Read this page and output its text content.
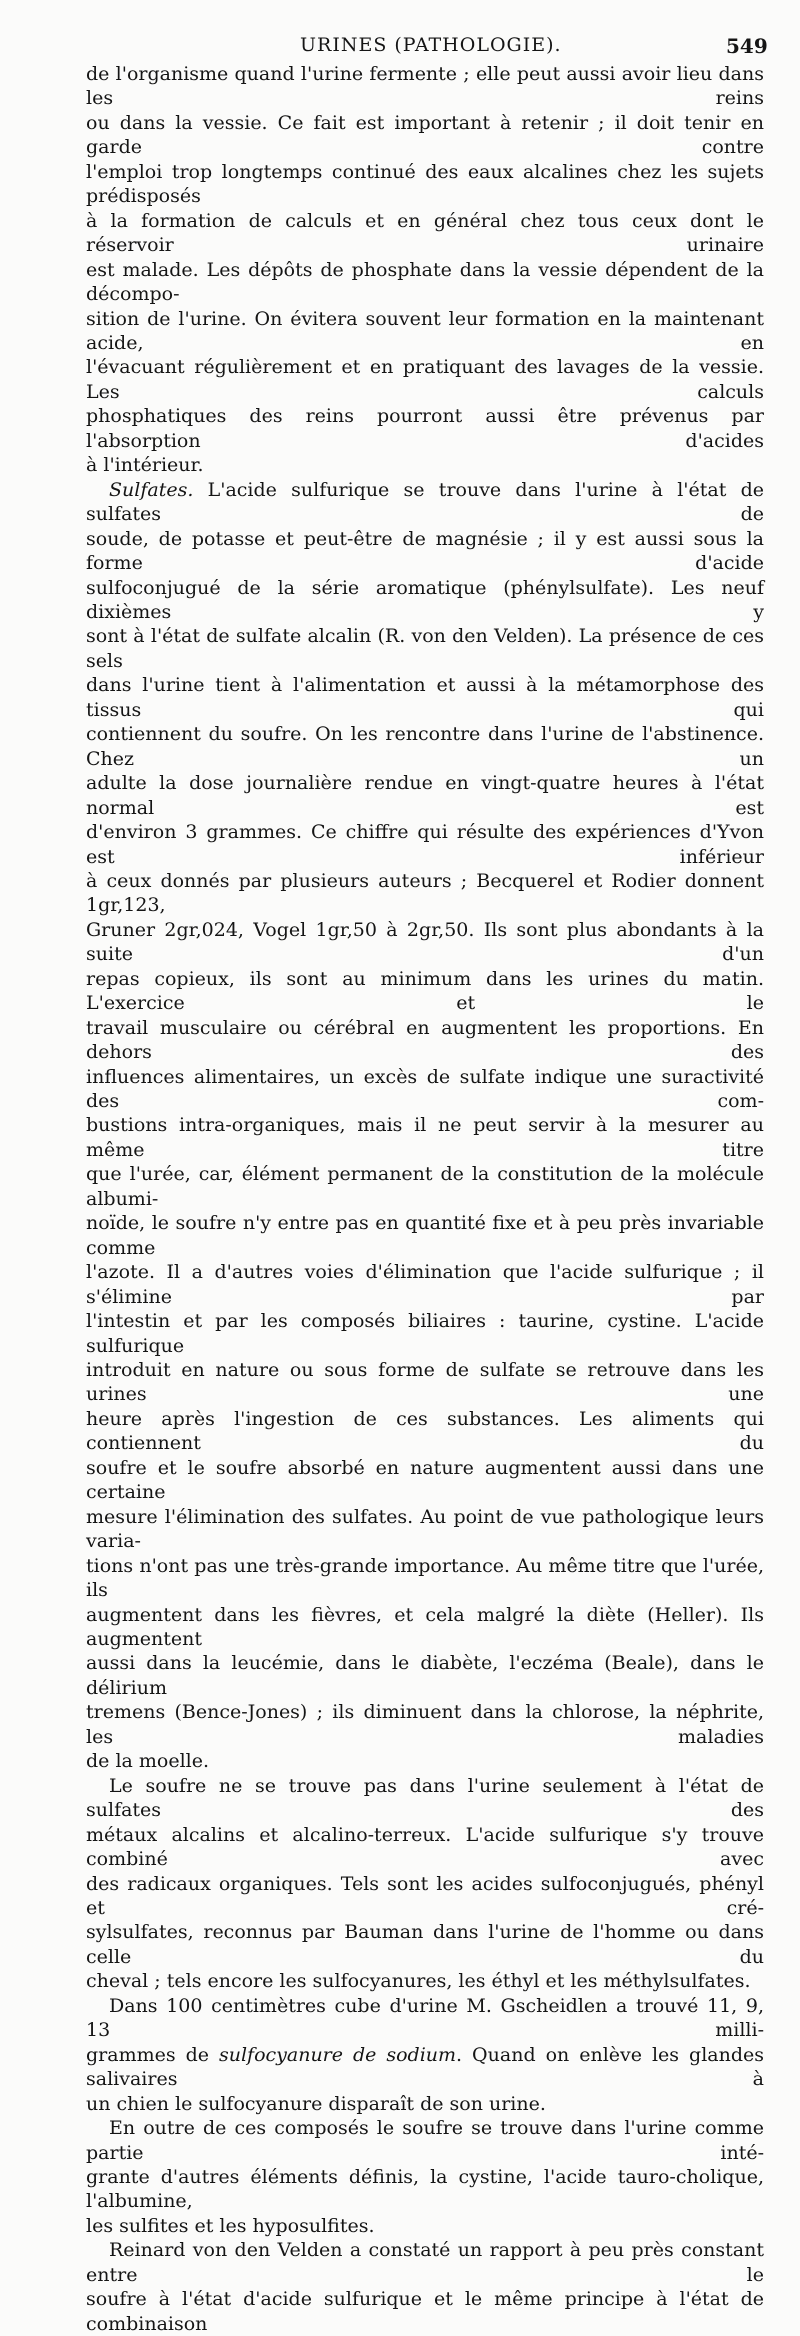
URINES (PATHOLOGIE).	549
de l'organisme quand l'urine fermente ; elle peut aussi avoir lieu dans les reins
ou dans la vessie. Ce fait est important à retenir ; il doit tenir en garde contre
l'emploi trop longtemps continué des eaux alcalines chez les sujets prédisposés
à la formation de calculs et en général chez tous ceux dont le réservoir urinaire
est malade. Les dépôts de phosphate dans la vessie dépendent de la décompo-
sition de l'urine. On évitera souvent leur formation en la maintenant acide, en
l'évacuant régulièrement et en pratiquant des lavages de la vessie. Les calculs
phosphatiques des reins pourront aussi être prévenus par l'absorption d'acides
à l'intérieur.
Sulfates. L'acide sulfurique se trouve dans l'urine à l'état de sulfates de
soude, de potasse et peut-être de magnésie ; il y est aussi sous la forme d'acide
sulfoconjugué de la série aromatique (phénylsulfate). Les neuf dixièmes y
sont à l'état de sulfate alcalin (R. von den Velden). La présence de ces sels
dans l'urine tient à l'alimentation et aussi à la métamorphose des tissus qui
contiennent du soufre. On les rencontre dans l'urine de l'abstinence. Chez un
adulte la dose journalière rendue en vingt-quatre heures à l'état normal est
d'environ 3 grammes. Ce chiffre qui résulte des expériences d'Yvon est inférieur
à ceux donnés par plusieurs auteurs ; Becquerel et Rodier donnent 1gr,123,
Gruner 2gr,024, Vogel 1gr,50 à 2gr,50. Ils sont plus abondants à la suite d'un
repas copieux, ils sont au minimum dans les urines du matin. L'exercice et le
travail musculaire ou cérébral en augmentent les proportions. En dehors des
influences alimentaires, un excès de sulfate indique une suractivité des com-
bustions intra-organiques, mais il ne peut servir à la mesurer au même titre
que l'urée, car, élément permanent de la constitution de la molécule albumi-
noïde, le soufre n'y entre pas en quantité fixe et à peu près invariable comme
l'azote. Il a d'autres voies d'élimination que l'acide sulfurique ; il s'élimine par
l'intestin et par les composés biliaires : taurine, cystine. L'acide sulfurique
introduit en nature ou sous forme de sulfate se retrouve dans les urines une
heure après l'ingestion de ces substances. Les aliments qui contiennent du
soufre et le soufre absorbé en nature augmentent aussi dans une certaine
mesure l'élimination des sulfates. Au point de vue pathologique leurs varia-
tions n'ont pas une très-grande importance. Au même titre que l'urée, ils
augmentent dans les fièvres, et cela malgré la diète (Heller). Ils augmentent
aussi dans la leucémie, dans le diabète, l'eczéma (Beale), dans le délirium
tremens (Bence-Jones) ; ils diminuent dans la chlorose, la néphrite, les maladies
de la moelle.
Le soufre ne se trouve pas dans l'urine seulement à l'état de sulfates des
métaux alcalins et alcalino-terreux. L'acide sulfurique s'y trouve combiné avec
des radicaux organiques. Tels sont les acides sulfoconjugués, phényl et cré-
sylsulfates, reconnus par Bauman dans l'urine de l'homme ou dans celle du
cheval ; tels encore les sulfocyanures, les éthyl et les méthylsulfates.
Dans 100 centimètres cube d'urine M. Gscheidlen a trouvé 11, 9, 13 milli-
grammes de sulfocyanure de sodium. Quand on enlève les glandes salivaires à
un chien le sulfocyanure disparaît de son urine.
En outre de ces composés le soufre se trouve dans l'urine comme partie inté-
grante d'autres éléments définis, la cystine, l'acide tauro-cholique, l'albumine,
les sulfites et les hyposulfites.
Reinard von den Velden a constaté un rapport à peu près constant entre le
soufre à l'état d'acide sulfurique et le même principe à l'état de combinaison
